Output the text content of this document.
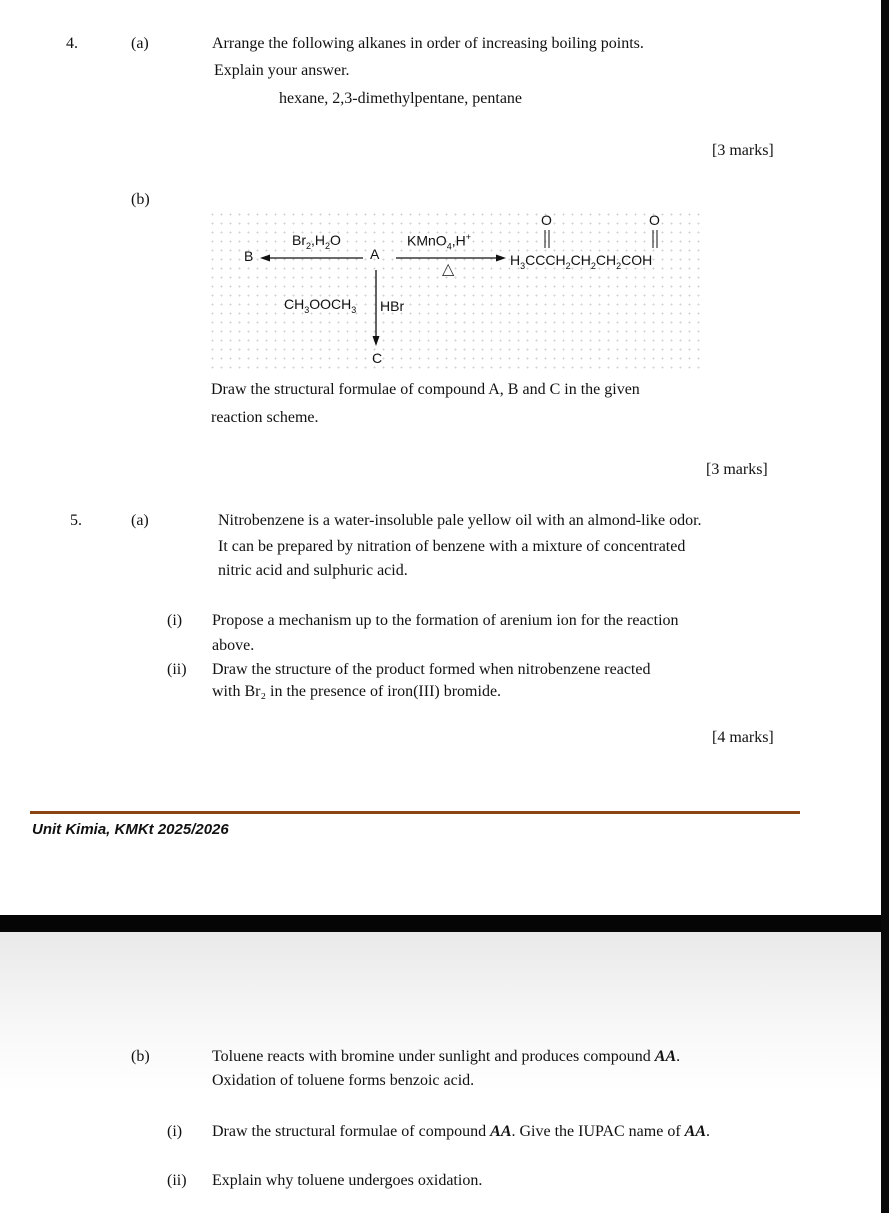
4.	(a)	Arrange the following alkanes in order of increasing boiling points.
Explain your answer.
hexane, 2,3-dimethylpentane, pentane
[3 marks]
(b)
B	A
$Br_2,H_2O$	KMnO$_4$,H+
△
O	O
$H_3CCCH_2CH_2CH_2COH$
$CH_3OOCH_3$ HBr
C
Draw the structural formulae of compound A, B and C in the given
reaction scheme.
[3 marks]
5.	(a)	Nitrobenzene is a water-insoluble pale yellow oil with an almond-like odor.
It can be prepared by nitration of benzene with a mixture of concentrated
nitric acid and sulphuric acid.
(i) Propose a mechanism up to the formation of arenium ion for the reaction
above.
(ii) Draw the structure of the product formed when nitrobenzene reacted
with Br₂ in the presence of iron(III) bromide.
[4 marks]
Unit Kimia, KMKt 2025/2026
(b)	Toluene reacts with bromine under sunlight and produces compound AA.
Oxidation of toluene forms benzoic acid.
(i) Draw the structural formulae of compound AA. Give the IUPAC name of AA.
(ii) Explain why toluene undergoes oxidation.
